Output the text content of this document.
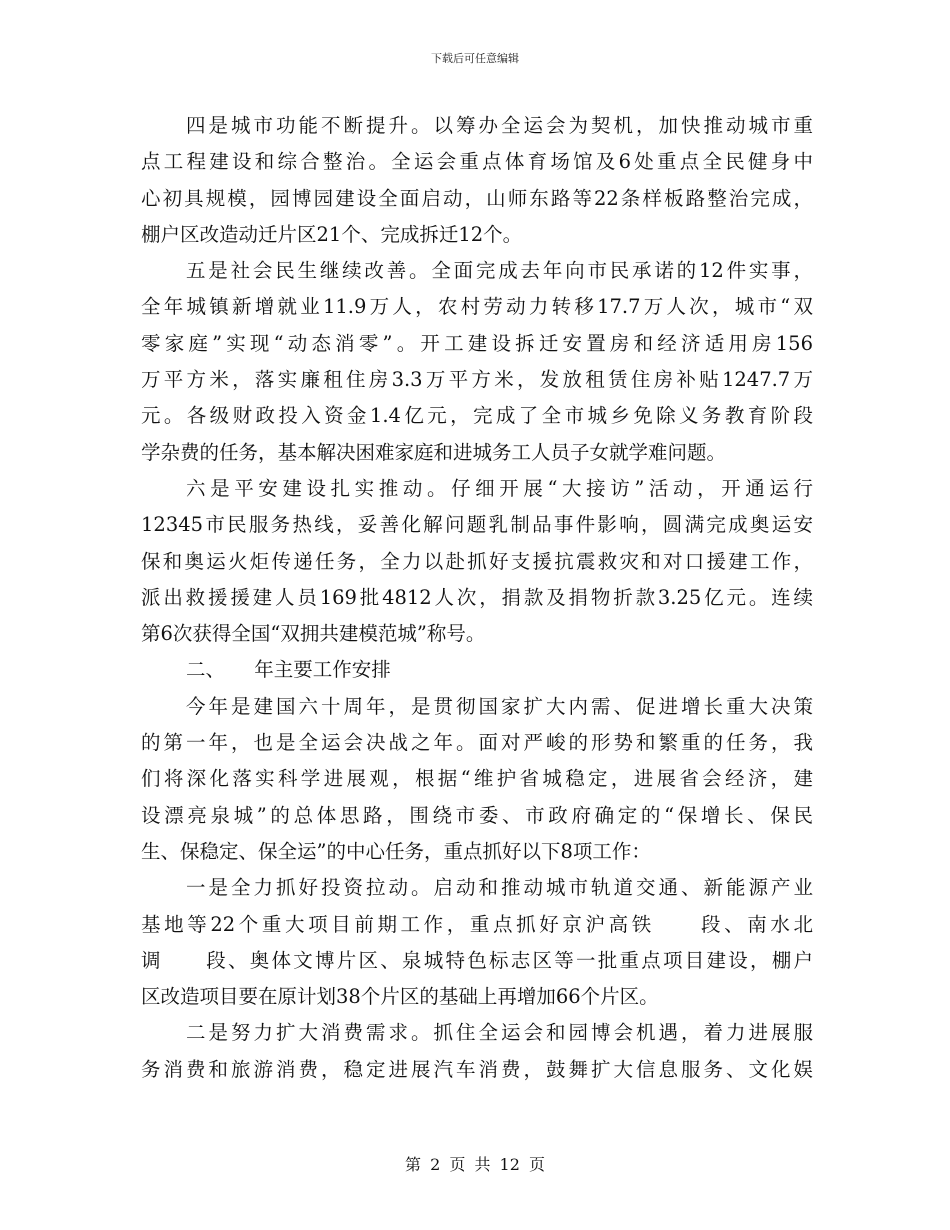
下载后可任意编辑
四是城市功能不断提升。以筹办全运会为契机，加快推动城市重
点工程建设和综合整治。全运会重点体育场馆及6处重点全民健身中
心初具规模，园博园建设全面启动，山师东路等22条样板路整治完成，
棚户区改造动迁片区21个、完成拆迁12个。
五是社会民生继续改善。全面完成去年向市民承诺的12件实事，
全年城镇新增就业11.9万人，农村劳动力转移17.7万人次，城市“双
零家庭”实现“动态消零”。开工建设拆迁安置房和经济适用房156
万平方米，落实廉租住房3.3万平方米，发放租赁住房补贴1247.7万
元。各级财政投入资金1.4亿元，完成了全市城乡免除义务教育阶段
学杂费的任务，基本解决困难家庭和进城务工人员子女就学难问题。
六是平安建设扎实推动。仔细开展“大接访”活动，开通运行
12345市民服务热线，妥善化解问题乳制品事件影响，圆满完成奥运安
保和奥运火炬传递任务，全力以赴抓好支援抗震救灾和对口援建工作，
派出救援援建人员169批4812人次，捐款及捐物折款3.25亿元。连续
第6次获得全国“双拥共建模范城”称号。
二、　　年主要工作安排
今年是建国六十周年，是贯彻国家扩大内需、促进增长重大决策
的第一年，也是全运会决战之年。面对严峻的形势和繁重的任务，我
们将深化落实科学进展观，根据“维护省城稳定，进展省会经济，建
设漂亮泉城”的总体思路，围绕市委、市政府确定的“保增长、保民
生、保稳定、保全运”的中心任务，重点抓好以下8项工作：
一是全力抓好投资拉动。启动和推动城市轨道交通、新能源产业
基地等22个重大项目前期工作，重点抓好京沪高铁　　段、南水北
调　　段、奥体文博片区、泉城特色标志区等一批重点项目建设，棚户
区改造项目要在原计划38个片区的基础上再增加66个片区。
二是努力扩大消费需求。抓住全运会和园博会机遇，着力进展服
务消费和旅游消费，稳定进展汽车消费，鼓舞扩大信息服务、文化娱
第 2 页 共 12 页
